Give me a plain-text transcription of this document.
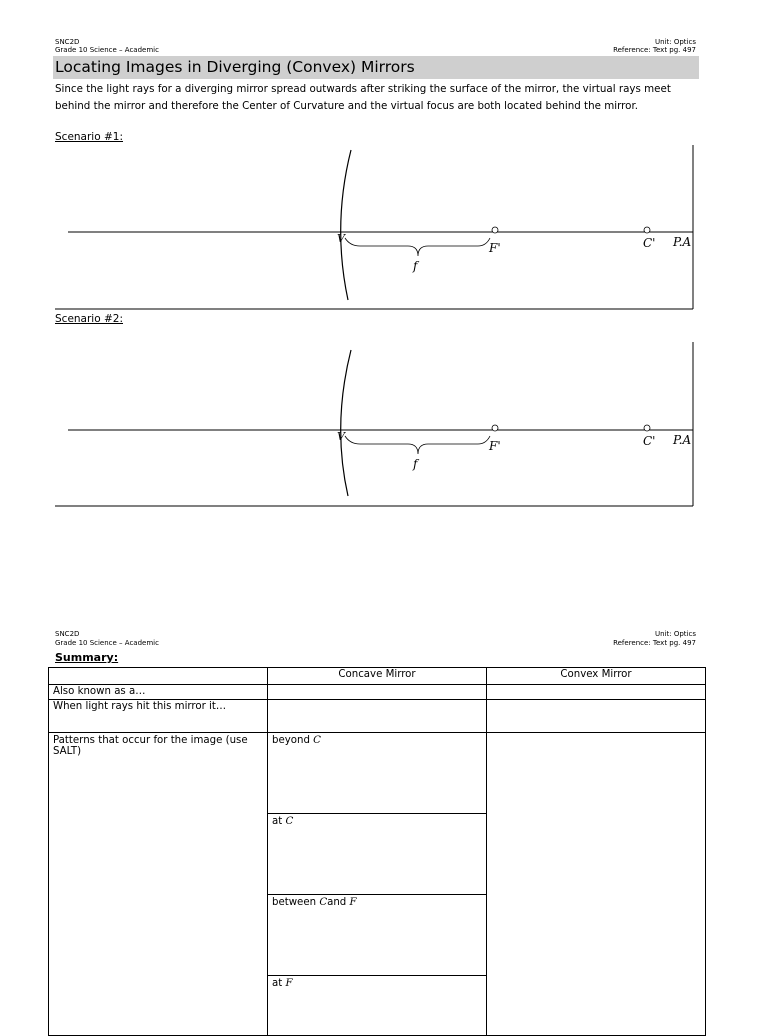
SNC2D
Grade 10 Science – Academic
Unit: Optics
Reference: Text pg. 497
Locating Images in Diverging (Convex) Mirrors
Since the light rays for a diverging mirror spread outwards after striking the surface of the mirror, the virtual rays meet behind the mirror and therefore the Center of Curvature and the virtual focus are both located behind the mirror.
Scenario #1:
V
F'	C' P.A
f
Scenario #2:
V
F'	C' P.A
f
SNC2D
Grade 10 Science – Academic
Unit: Optics
Reference: Text pg. 497
Summary:
	Concave Mirror	Convex Mirror
Also known as a…		
When light rays hit this mirror it…		
Patterns that occur for the image (use SALT)	beyond C	
	at C	
	between Cand F	
	at F	
